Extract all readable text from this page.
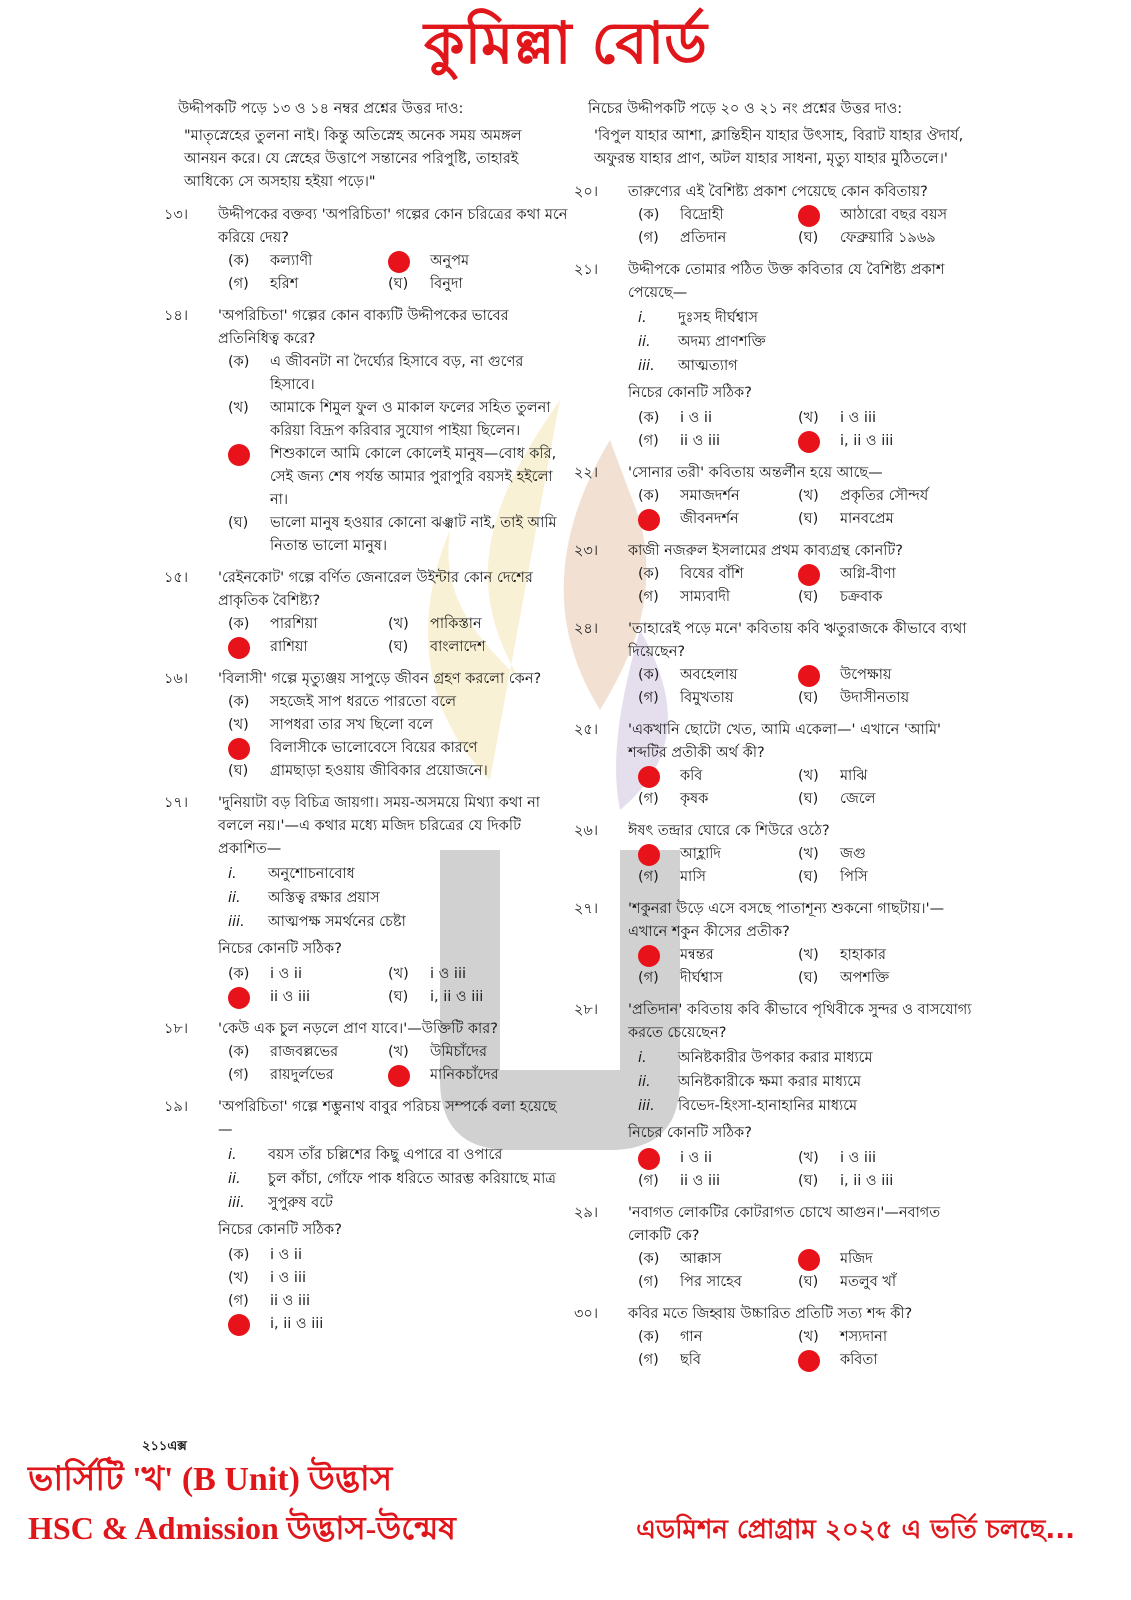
কুমিল্লা বোর্ড
উদ্দীপকটি পড়ে ১৩ ও ১৪ নম্বর প্রশ্নের উত্তর দাও:
"মাতৃস্নেহের তুলনা নাই। কিন্তু অতিস্নেহ অনেক সময় অমঙ্গল আনয়ন করে। যে স্নেহের উত্তাপে সন্তানের পরিপুষ্টি, তাহারই আধিক্যে সে অসহায় হইয়া পড়ে।"
১৩।	উদ্দীপকের বক্তব্য 'অপরিচিতা' গল্পের কোন চরিত্রের কথা মনে করিয়ে দেয়?
(ক)	কল্যাণী	অনুপম
(গ)	হরিশ	(ঘ)	বিনুদা
১৪।	'অপরিচিতা' গল্পের কোন বাক্যটি উদ্দীপকের ভাবের প্রতিনিধিত্ব করে?
(ক)	এ জীবনটা না দৈর্ঘ্যের হিসাবে বড়, না গুণের হিসাবে।
(খ)	আমাকে শিমুল ফুল ও মাকাল ফলের সহিত তুলনা করিয়া বিদ্রূপ করিবার সুযোগ পাইয়া ছিলেন।
শিশুকালে আমি কোলে কোলেই মানুষ—বোধ করি, সেই জন্য শেষ পর্যন্ত আমার পুরাপুরি বয়সই হইলো না।
(ঘ)	ভালো মানুষ হওয়ার কোনো ঝঞ্ঝাট নাই, তাই আমি নিতান্ত ভালো মানুষ।
১৫।	'রেইনকোট' গল্পে বর্ণিত জেনারেল উইন্টার কোন দেশের প্রাকৃতিক বৈশিষ্ট্য?
(ক)	পারশিয়া	(খ)	পাকিস্তান
রাশিয়া	(ঘ)	বাংলাদেশ
১৬।	'বিলাসী' গল্পে মৃত্যুঞ্জয় সাপুড়ে জীবন গ্রহণ করলো কেন?
(ক)	সহজেই সাপ ধরতে পারতো বলে
(খ)	সাপধরা তার সখ ছিলো বলে
বিলাসীকে ভালোবেসে বিয়ের কারণে
(ঘ)	গ্রামছাড়া হওয়ায় জীবিকার প্রয়োজনে।
১৭।	'দুনিয়াটা বড় বিচিত্র জায়গা। সময়-অসময়ে মিথ্যা কথা না বললে নয়।'—এ কথার মধ্যে মজিদ চরিত্রের যে দিকটি প্রকাশিত—
i.	অনুশোচনাবোধ
ii.	অস্তিত্ব রক্ষার প্রয়াস
iii.	আত্মপক্ষ সমর্থনের চেষ্টা
নিচের কোনটি সঠিক?
(ক)	i ও ii	(খ)	i ও iii
ii ও iii	(ঘ)	i, ii ও iii
১৮।	'কেউ এক চুল নড়লে প্রাণ যাবে।'—উক্তিটি কার?
(ক)	রাজবল্লভের	(খ)	উমিচাঁদের
(গ)	রায়দুর্লভের	মানিকচাঁদের
১৯।	'অপরিচিতা' গল্পে শম্ভুনাথ বাবুর পরিচয় সম্পর্কে বলা হয়েছে—
i.	বয়স তাঁর চল্লিশের কিছু এপারে বা ওপারে
ii.	চুল কাঁচা, গোঁফে পাক ধরিতে আরম্ভ করিয়াছে মাত্র
iii.	সুপুরুষ বটে
নিচের কোনটি সঠিক?
(ক)	i ও ii
(খ)	i ও iii
(গ)	ii ও iii
i, ii ও iii
নিচের উদ্দীপকটি পড়ে ২০ ও ২১ নং প্রশ্নের উত্তর দাও:
'বিপুল যাহার আশা, ক্লান্তিহীন যাহার উৎসাহ, বিরাট যাহার ঔদার্য, অফুরন্ত যাহার প্রাণ, অটল যাহার সাধনা, মৃত্যু যাহার মুঠিতলে।'
২০।	তারুণ্যের এই বৈশিষ্ট্য প্রকাশ পেয়েছে কোন কবিতায়?
(ক)	বিদ্রোহী	আঠারো বছর বয়স
(গ)	প্রতিদান	(ঘ)	ফেব্রুয়ারি ১৯৬৯
২১।	উদ্দীপকে তোমার পঠিত উক্ত কবিতার যে বৈশিষ্ট্য প্রকাশ পেয়েছে—
i.	দুঃসহ দীর্ঘশ্বাস
ii.	অদম্য প্রাণশক্তি
iii.	আত্মত্যাগ
নিচের কোনটি সঠিক?
(ক)	i ও ii	(খ)	i ও iii
(গ)	ii ও iii	i, ii ও iii
২২।	'সোনার তরী' কবিতায় অন্তর্লীন হয়ে আছে—
(ক)	সমাজদর্শন	(খ)	প্রকৃতির সৌন্দর্য
জীবনদর্শন	(ঘ)	মানবপ্রেম
২৩।	কাজী নজরুল ইসলামের প্রথম কাব্যগ্রন্থ কোনটি?
(ক)	বিষের বাঁশি	অগ্নি-বীণা
(গ)	সাম্যবাদী	(ঘ)	চক্রবাক
২৪।	'তাহারেই পড়ে মনে' কবিতায় কবি ঋতুরাজকে কীভাবে ব্যথা দিয়েছেন?
(ক)	অবহেলায়	উপেক্ষায়
(গ)	বিমুখতায়	(ঘ)	উদাসীনতায়
২৫।	'একখানি ছোটো খেত, আমি একেলা—' এখানে 'আমি' শব্দটির প্রতীকী অর্থ কী?
কবি	(খ)	মাঝি
(গ)	কৃষক	(ঘ)	জেলে
২৬।	ঈষৎ তন্দ্রার ঘোরে কে শিউরে ওঠে?
আহ্লাদি	(খ)	জগু
(গ)	মাসি	(ঘ)	পিসি
২৭।	'শকুনরা উড়ে এসে বসছে পাতাশূন্য শুকনো গাছটায়।'—এখানে শকুন কীসের প্রতীক?
মন্বন্তর	(খ)	হাহাকার
(গ)	দীর্ঘশ্বাস	(ঘ)	অপশক্তি
২৮।	'প্রতিদান' কবিতায় কবি কীভাবে পৃথিবীকে সুন্দর ও বাসযোগ্য করতে চেয়েছেন?
i.	অনিষ্টকারীর উপকার করার মাধ্যমে
ii.	অনিষ্টকারীকে ক্ষমা করার মাধ্যমে
iii.	বিভেদ-হিংসা-হানাহানির মাধ্যমে
নিচের কোনটি সঠিক?
i ও ii	(খ)	i ও iii
(গ)	ii ও iii	(ঘ)	i, ii ও iii
২৯।	'নবাগত লোকটির কোটরাগত চোখে আগুন।'—নবাগত লোকটি কে?
(ক)	আক্কাস	মজিদ
(গ)	পির সাহেব	(ঘ)	মতলুব খাঁ
৩০।	কবির মতে জিহ্বায় উচ্চারিত প্রতিটি সত্য শব্দ কী?
(ক)	গান	(খ)	শস্যদানা
(গ)	ছবি	কবিতা
২১১এক্স
ভার্সিটি 'খ' (B Unit) উদ্ভাস
HSC & Admission উদ্ভাস-উন্মেষ	এডমিশন প্রোগ্রাম ২০২৫ এ ভর্তি চলছে...
